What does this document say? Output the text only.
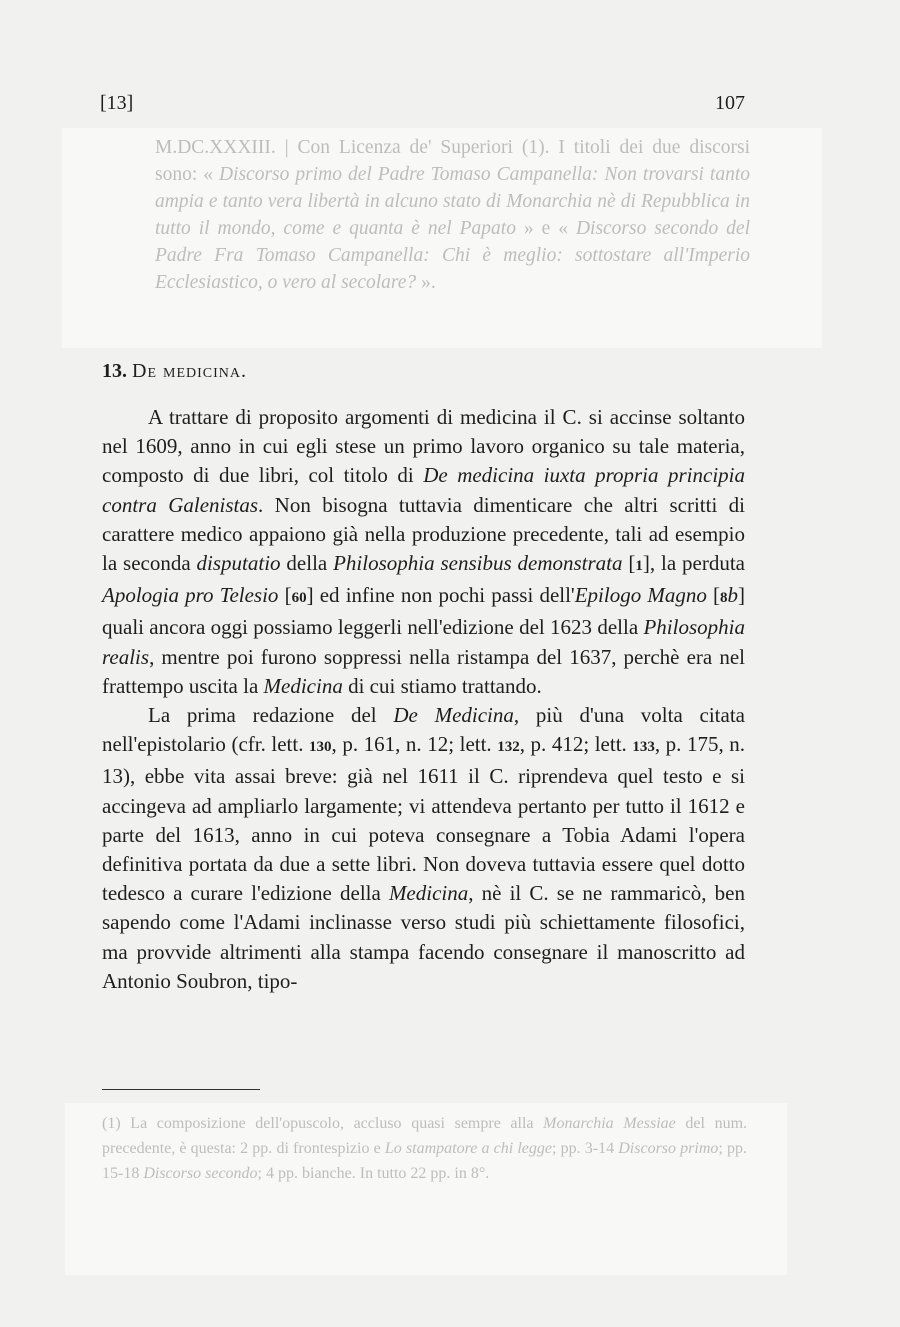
[13]	107
M.DC.XXXIII. | Con Licenza de' Superiori (1). I titoli dei due discorsi sono: « Discorso primo del Padre Tomaso Campanella: Non trovarsi tanto ampia e tanto vera libertà in alcuno stato di Monarchia nè di Repubblica in tutto il mondo, come e quanta è nel Papato » e « Discorso secondo del Padre Fra Tomaso Campanella: Chi è meglio: sottostare all'Imperio Ecclesiastico, o vero al secolare? ».
13. De medicina.

A trattare di proposito argomenti di medicina il C. si accinse soltanto nel 1609, anno in cui egli stese un primo lavoro organico su tale materia, composto di due libri, col titolo di De medicina iuxta propria principia contra Galenistas. Non bisogna tuttavia dimenticare che altri scritti di carattere medico appaiono già nella produzione precedente, tali ad esempio la seconda disputatio della Philosophia sensibus demonstrata [1], la perduta Apologia pro Telesio [60] ed infine non pochi passi dell'Epilogo Magno [8b] quali ancora oggi possiamo leggerli nell'edizione del 1623 della Philosophia realis, mentre poi furono soppressi nella ristampa del 1637, perchè era nel frattempo uscita la Medicina di cui stiamo trattando.

La prima redazione del De Medicina, più d'una volta citata nell'epistolario (cfr. lett. 130, p. 161, n. 12; lett. 132, p. 412; lett. 133, p. 175, n. 13), ebbe vita assai breve: già nel 1611 il C. riprendeva quel testo e si accingeva ad ampliarlo largamente; vi attendeva pertanto per tutto il 1612 e parte del 1613, anno in cui poteva consegnare a Tobia Adami l'opera definitiva portata da due a sette libri. Non doveva tuttavia essere quel dotto tedesco a curare l'edizione della Medicina, nè il C. se ne rammaricò, ben sapendo come l'Adami inclinasse verso studi più schiettamente filosofici, ma provvide altrimenti alla stampa facendo consegnare il manoscritto ad Antonio Soubron, tipo-

(1) La composizione dell'opuscolo, accluso quasi sempre alla Monarchia Messiae del num. precedente, è questa: 2 pp. di frontespizio e Lo stampatore a chi legge; pp. 3-14 Discorso primo; pp. 15-18 Discorso secondo; 4 pp. bianche. In tutto 22 pp. in 8°.
